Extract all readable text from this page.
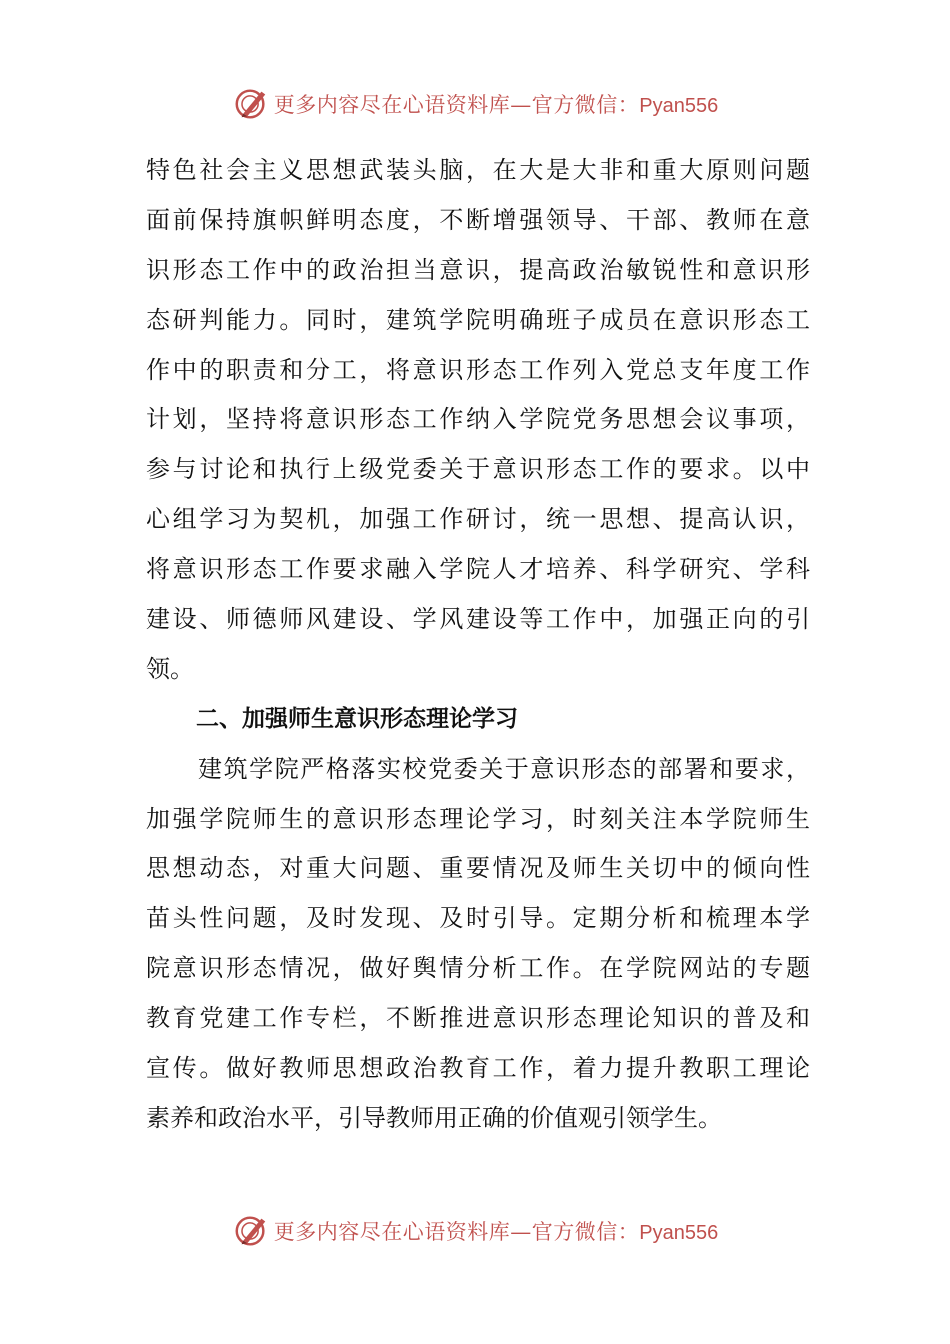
更多内容尽在心语资料库—官方微信：Pyan556
特色社会主义思想武装头脑，在大是大非和重大原则问题
面前保持旗帜鲜明态度，不断增强领导、干部、教师在意
识形态工作中的政治担当意识，提高政治敏锐性和意识形
态研判能力。同时，建筑学院明确班子成员在意识形态工
作中的职责和分工，将意识形态工作列入党总支年度工作
计划，坚持将意识形态工作纳入学院党务思想会议事项，
参与讨论和执行上级党委关于意识形态工作的要求。以中
心组学习为契机，加强工作研讨，统一思想、提高认识，
将意识形态工作要求融入学院人才培养、科学研究、学科
建设、师德师风建设、学风建设等工作中，加强正向的引
领。
二、加强师生意识形态理论学习
建筑学院严格落实校党委关于意识形态的部署和要求，
加强学院师生的意识形态理论学习，时刻关注本学院师生
思想动态，对重大问题、重要情况及师生关切中的倾向性
苗头性问题，及时发现、及时引导。定期分析和梳理本学
院意识形态情况，做好舆情分析工作。在学院网站的专题
教育党建工作专栏，不断推进意识形态理论知识的普及和
宣传。做好教师思想政治教育工作，着力提升教职工理论
素养和政治水平，引导教师用正确的价值观引领学生。
更多内容尽在心语资料库—官方微信：Pyan556
